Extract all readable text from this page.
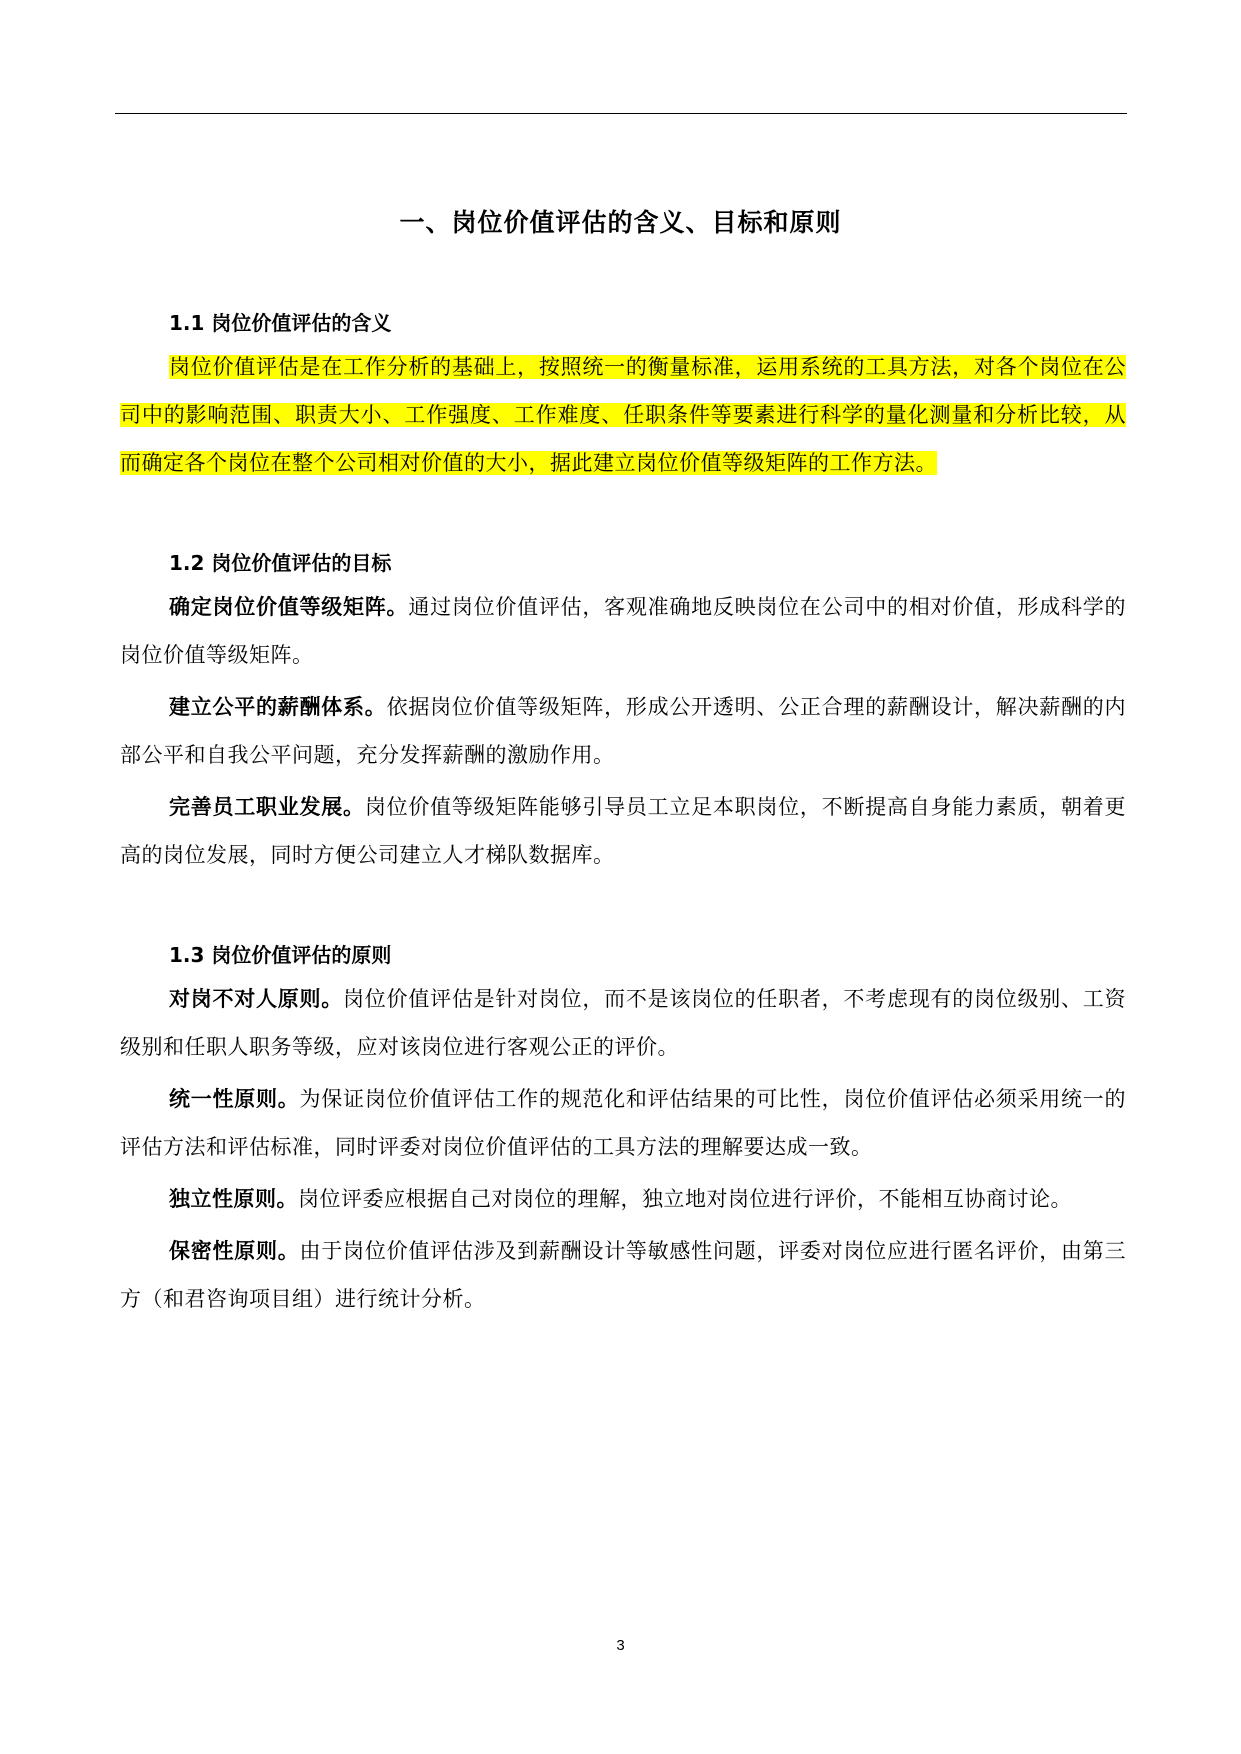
一、岗位价值评估的含义、目标和原则
1.1 岗位价值评估的含义

岗位价值评估是在工作分析的基础上，按照统一的衡量标准，运用系统的工具方法，对各个岗位在公司中的影响范围、职责大小、工作强度、工作难度、任职条件等要素进行科学的量化测量和分析比较，从而确定各个岗位在整个公司相对价值的大小，据此建立岗位价值等级矩阵的工作方法。

1.2 岗位价值评估的目标

确定岗位价值等级矩阵。通过岗位价值评估，客观准确地反映岗位在公司中的相对价值，形成科学的岗位价值等级矩阵。

建立公平的薪酬体系。依据岗位价值等级矩阵，形成公开透明、公正合理的薪酬设计，解决薪酬的内部公平和自我公平问题，充分发挥薪酬的激励作用。

完善员工职业发展。岗位价值等级矩阵能够引导员工立足本职岗位，不断提高自身能力素质，朝着更高的岗位发展，同时方便公司建立人才梯队数据库。

1.3 岗位价值评估的原则

对岗不对人原则。岗位价值评估是针对岗位，而不是该岗位的任职者，不考虑现有的岗位级别、工资级别和任职人职务等级，应对该岗位进行客观公正的评价。

统一性原则。为保证岗位价值评估工作的规范化和评估结果的可比性，岗位价值评估必须采用统一的评估方法和评估标准，同时评委对岗位价值评估的工具方法的理解要达成一致。

独立性原则。岗位评委应根据自己对岗位的理解，独立地对岗位进行评价，不能相互协商讨论。

保密性原则。由于岗位价值评估涉及到薪酬设计等敏感性问题，评委对岗位应进行匿名评价，由第三方（和君咨询项目组）进行统计分析。

3
